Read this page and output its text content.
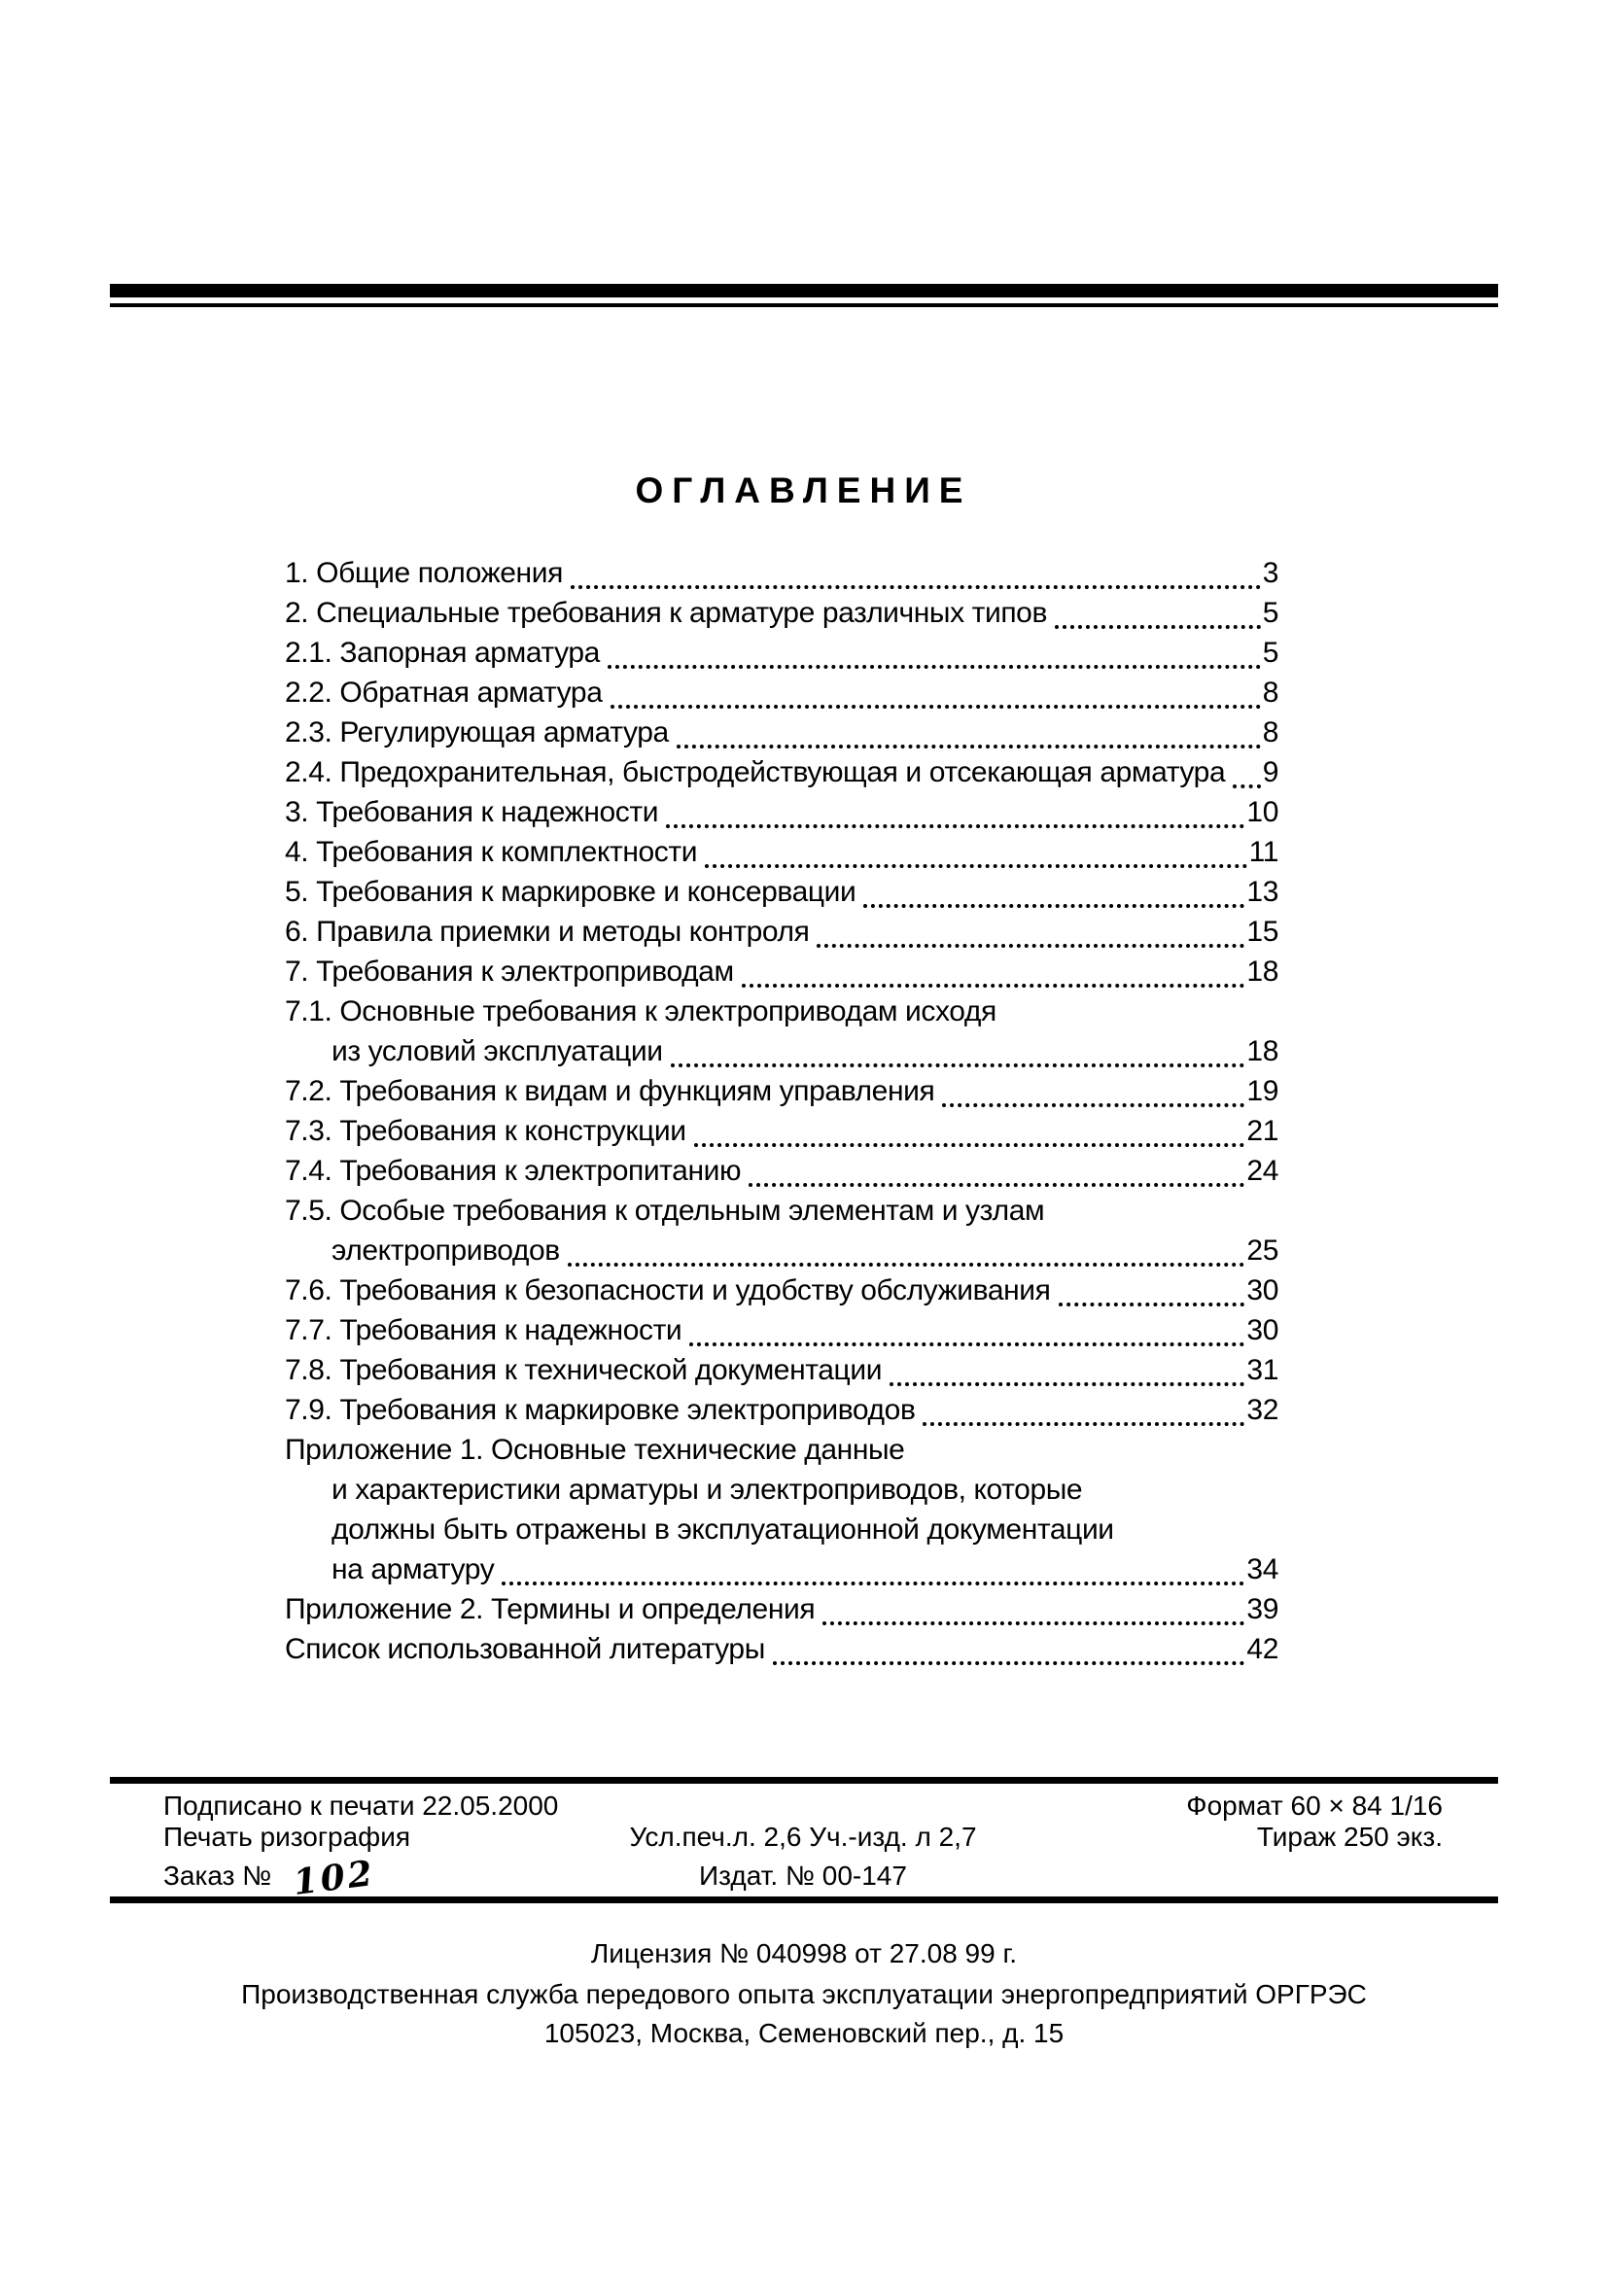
ОГЛАВЛЕНИЕ
1. Общие положения	3
2. Специальные требования к арматуре различных типов	5
2.1. Запорная арматура	5
2.2. Обратная арматура	8
2.3. Регулирующая арматура	8
2.4. Предохранительная, быстродействующая и отсекающая арматура 9
3. Требования к надежности	10
4. Требования к комплектности	11
5. Требования к маркировке и консервации	13
6. Правила приемки и методы контроля	15
7. Требования к электроприводам	18
7.1. Основные требования к электроприводам исходя
из условий эксплуатации	18
7.2. Требования к видам и функциям управления	19
7.3. Требования к конструкции	21
7.4. Требования к электропитанию	24
7.5. Особые требования к отдельным элементам и узлам
электроприводов	25
7.6. Требования к безопасности и удобству обслуживания	30
7.7. Требования к надежности	30
7.8. Требования к технической документации	31
7.9. Требования к маркировке электроприводов	32
Приложение 1. Основные технические данные
и характеристики арматуры и электроприводов, которые
должны быть отражены в эксплуатационной документации
на арматуру	34
Приложение 2. Термины и определения	39
Список использованной литературы	42
Подписано к печати 22.05.2000	Формат 60 × 84 1/16
Печать ризография	Усл.печ.л. 2,6 Уч.-изд. л 2,7	Тираж 250 экз.
Заказ № 102	Издат. № 00-147
Лицензия № 040998 от 27.08 99 г.
Производственная служба передового опыта эксплуатации энергопредприятий ОРГРЭС
105023, Москва, Семеновский пер., д. 15
